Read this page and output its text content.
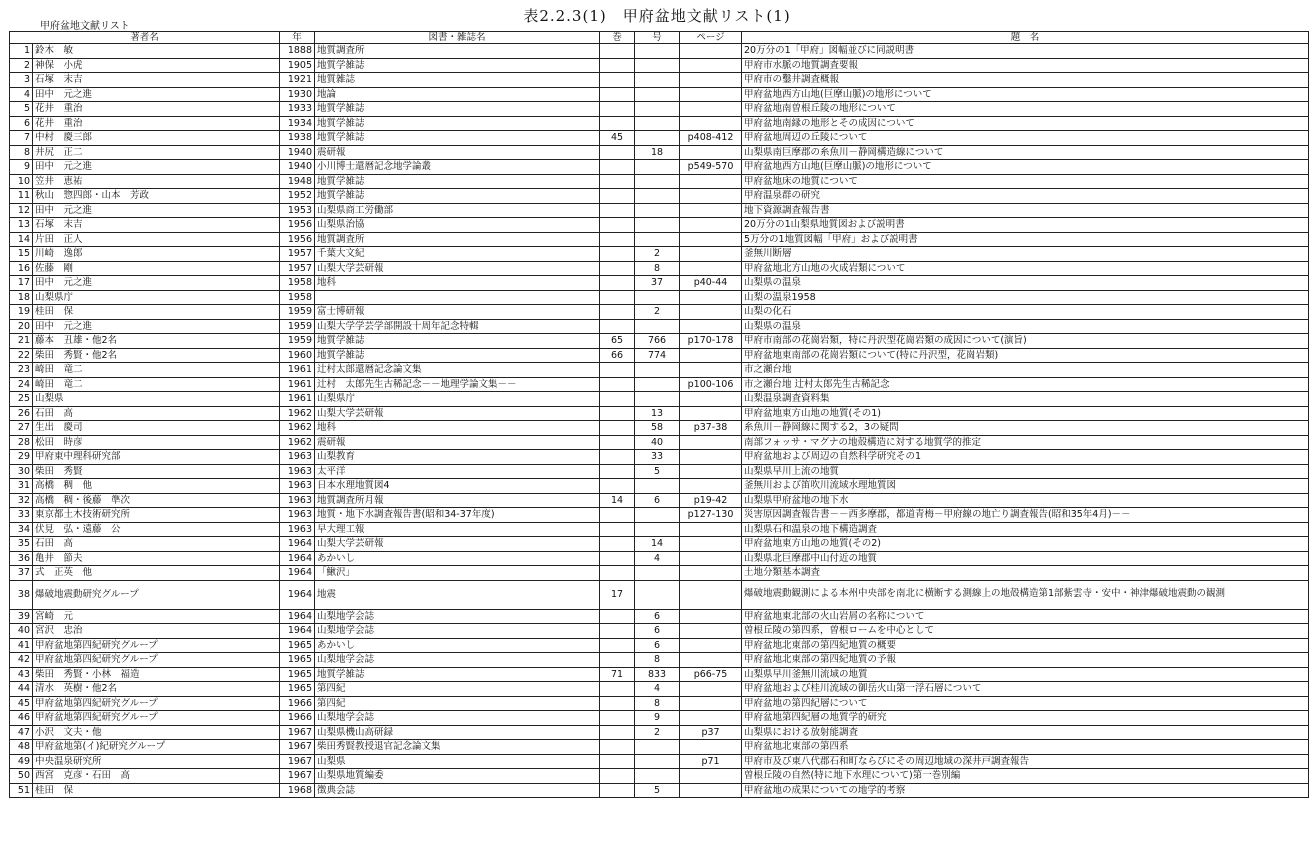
表2.2.3(1)　甲府盆地文献リスト(1)
甲府盆地文献リスト
著者名		年	図書・雑誌名	巻	号	ページ	題　名
1	鈴木　敏	1888	地質調査所				20万分の1「甲府」図幅並びに同説明書
2	神保　小虎	1905	地質学雑誌				甲府市水脈の地質調査要報
3	石塚　末吉	1921	地質雑誌				甲府市の鑿井調査概報
4	田中　元之進	1930	地論				甲府盆地西方山地(巨摩山脈)の地形について
5	花井　重治	1933	地質学雑誌				甲府盆地南曽根丘陵の地形について
6	花井　重治	1934	地質学雑誌				甲府盆地南縁の地形とその成因について
7	中村　慶三郎	1938	地質学雑誌	45		p408-412	甲府盆地周辺の丘陵について
8	井尻　正二	1940	震研報		18		山梨県南巨摩郡の糸魚川－静岡構造線について
9	田中　元之進	1940	小川博士還暦記念地学論叢			p549-570	甲府盆地西方山地(巨摩山脈)の地形について
10	笠井　恵祐	1948	地質学雑誌				甲府盆地床の地質について
11	秋山　惣四郎・山本　芳政	1952	地質学雑誌				甲府温泉群の研究
12	田中　元之進	1953	山梨県商工労働部				地下資源調査報告書
13	石塚　末吉	1956	山梨県治協				20万分の1山梨県地質図および説明書
14	片田　正人	1956	地質調査所				5万分の1地質図幅「甲府」および説明書
15	川崎　逸郎	1957	千葉大文紀		2		釜無川断層
16	佐藤　剛	1957	山梨大学芸研報		8		甲府盆地北方山地の火成岩類について
17	田中　元之進	1958	地科		37	p40-44	山梨県の温泉
18	山梨県庁	1958					山梨の温泉1958
19	桂田　保	1959	富士博研報		2		山梨の化石
20	田中　元之進	1959	山梨大学学芸学部開設十周年記念特輯				山梨県の温泉
21	藤本　丑雄・他2名	1959	地質学雑誌	65	766	p170-178	甲府市南部の花崗岩類，特に丹沢型花崗岩類の成因について(演旨)
22	柴田　秀賢・他2名	1960	地質学雑誌	66	774		甲府盆地東南部の花崗岩類について(特に丹沢型，花崗岩類)
23	崎田　竜二	1961	辻村太郎還暦記念論文集				市之瀬台地
24	崎田　竜二	1961	辻村　太郎先生古稀記念－－地理学論文集－－			p100-106	市之瀬台地 辻村太郎先生古稀記念
25	山梨県	1961	山梨県庁				山梨温泉調査資料集
26	石田　高	1962	山梨大学芸研報		13		甲府盆地東方山地の地質(その1)
27	生出　慶司	1962	地科		58	p37-38	糸魚川－静岡線に関する2，3の疑問
28	松田　時彦	1962	震研報		40		南部フォッサ・マグナの地殻構造に対する地質学的推定
29	甲府東中理科研究部	1963	山梨教育		33		甲府盆地および周辺の自然科学研究その1
30	柴田　秀賢	1963	太平洋		5		山梨県早川上流の地質
31	高橋　稠　他	1963	日本水理地質図4				釜無川および笛吹川流域水理地質図
32	高橋　稠・後藤　準次	1963	地質調査所月報	14	6	p19-42	山梨県甲府盆地の地下水
33	東京都土木技術研究所	1963	地質・地下水調査報告書(昭和34-37年度)			p127-130	災害原因調査報告書－－西多摩郡，都道青梅－甲府線の地亡り調査報告(昭和35年4月)－－
34	伏見　弘・遠藤　公	1963	早大理工報				山梨県石和温泉の地下構造調査
35	石田　高	1964	山梨大学芸研報		14		甲府盆地東方山地の地質(その2)
36	亀井　節夫	1964	あかいし		4		山梨県北巨摩郡中山付近の地質
37	式　正英　他	1964	「鰍沢」				土地分類基本調査
38	爆破地震動研究グループ	1964	地震	17			爆破地震動観測による本州中央部を南北に横断する測線上の地殻構造第1部紫雲寺・安中・神津爆破地震動の観測
39	宮崎　元	1964	山梨地学会誌		6		甲府盆地東北部の火山岩屑の名称について
40	宮沢　忠治	1964	山梨地学会誌		6		曽根丘陵の第四系，曽根ロームを中心として
41	甲府盆地第四紀研究グループ	1965	あかいし		6		甲府盆地北東部の第四紀地質の概要
42	甲府盆地第四紀研究グループ	1965	山梨地学会誌		8		甲府盆地北東部の第四紀地質の予報
43	柴田　秀賢・小林　福造	1965	地質学雑誌	71	833	p66-75	山梨県早川釜無川流域の地質
44	清水　英樹・他2名	1965	第四紀		4		甲府盆地および桂川流域の御岳火山第一浮石層について
45	甲府盆地第四紀研究グループ	1966	第四紀		8		甲府盆地の第四紀層について
46	甲府盆地第四紀研究グループ	1966	山梨地学会誌		9		甲府盆地第四紀層の地質学的研究
47	小沢　文夫・他	1967	山梨県機山高研録		2	p37	山梨県における放射能調査
48	甲府盆地第(イ)紀研究グループ	1967	柴田秀賢教授退官記念論文集				甲府盆地北東部の第四系
49	中央温泉研究所	1967	山梨県			p71	甲府市及び東八代郡石和町ならびにその周辺地域の深井戸調査報告
50	西宮　克彦・石田　高	1967	山梨県地質編委				曽根丘陵の自然(特に地下水理について)第一巻別編
51	桂田　保	1968	徴典会誌		5		甲府盆地の成果についての地学的考察
